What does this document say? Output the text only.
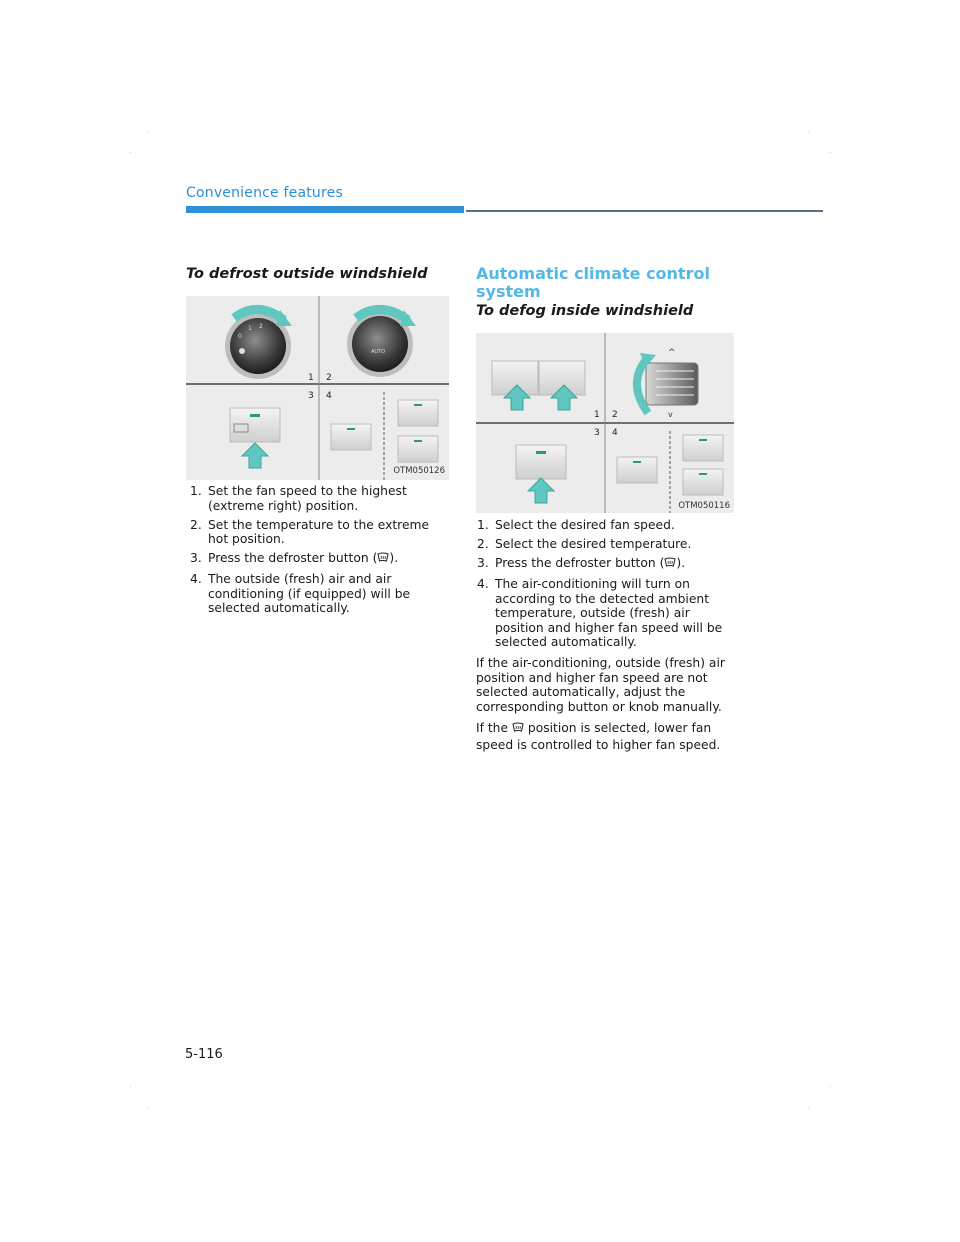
Convenience features
To defrost outside windshield
0
1 2
AUTO
1 2
3 4
OTM050126
1. Set the fan speed to the highest (extreme right) position.
2. Set the temperature to the extreme hot position.
3. Press the defroster button ( ).
4. The outside (fresh) air and air conditioning (if equipped) will be selected automatically.
Automatic climate control system
To defog inside windshield
^
v
1 2
3 4
OTM050116
1. Select the desired fan speed.
2. Select the desired temperature.
3. Press the defroster button ( ).
4. The air-conditioning will turn on according to the detected ambient temperature, outside (fresh) air position and higher fan speed will be selected automatically.
If the air-conditioning, outside (fresh) air position and higher fan speed are not selected automatically, adjust the corresponding button or knob manually.
If the position is selected, lower fan speed is controlled to higher fan speed.
5-116
